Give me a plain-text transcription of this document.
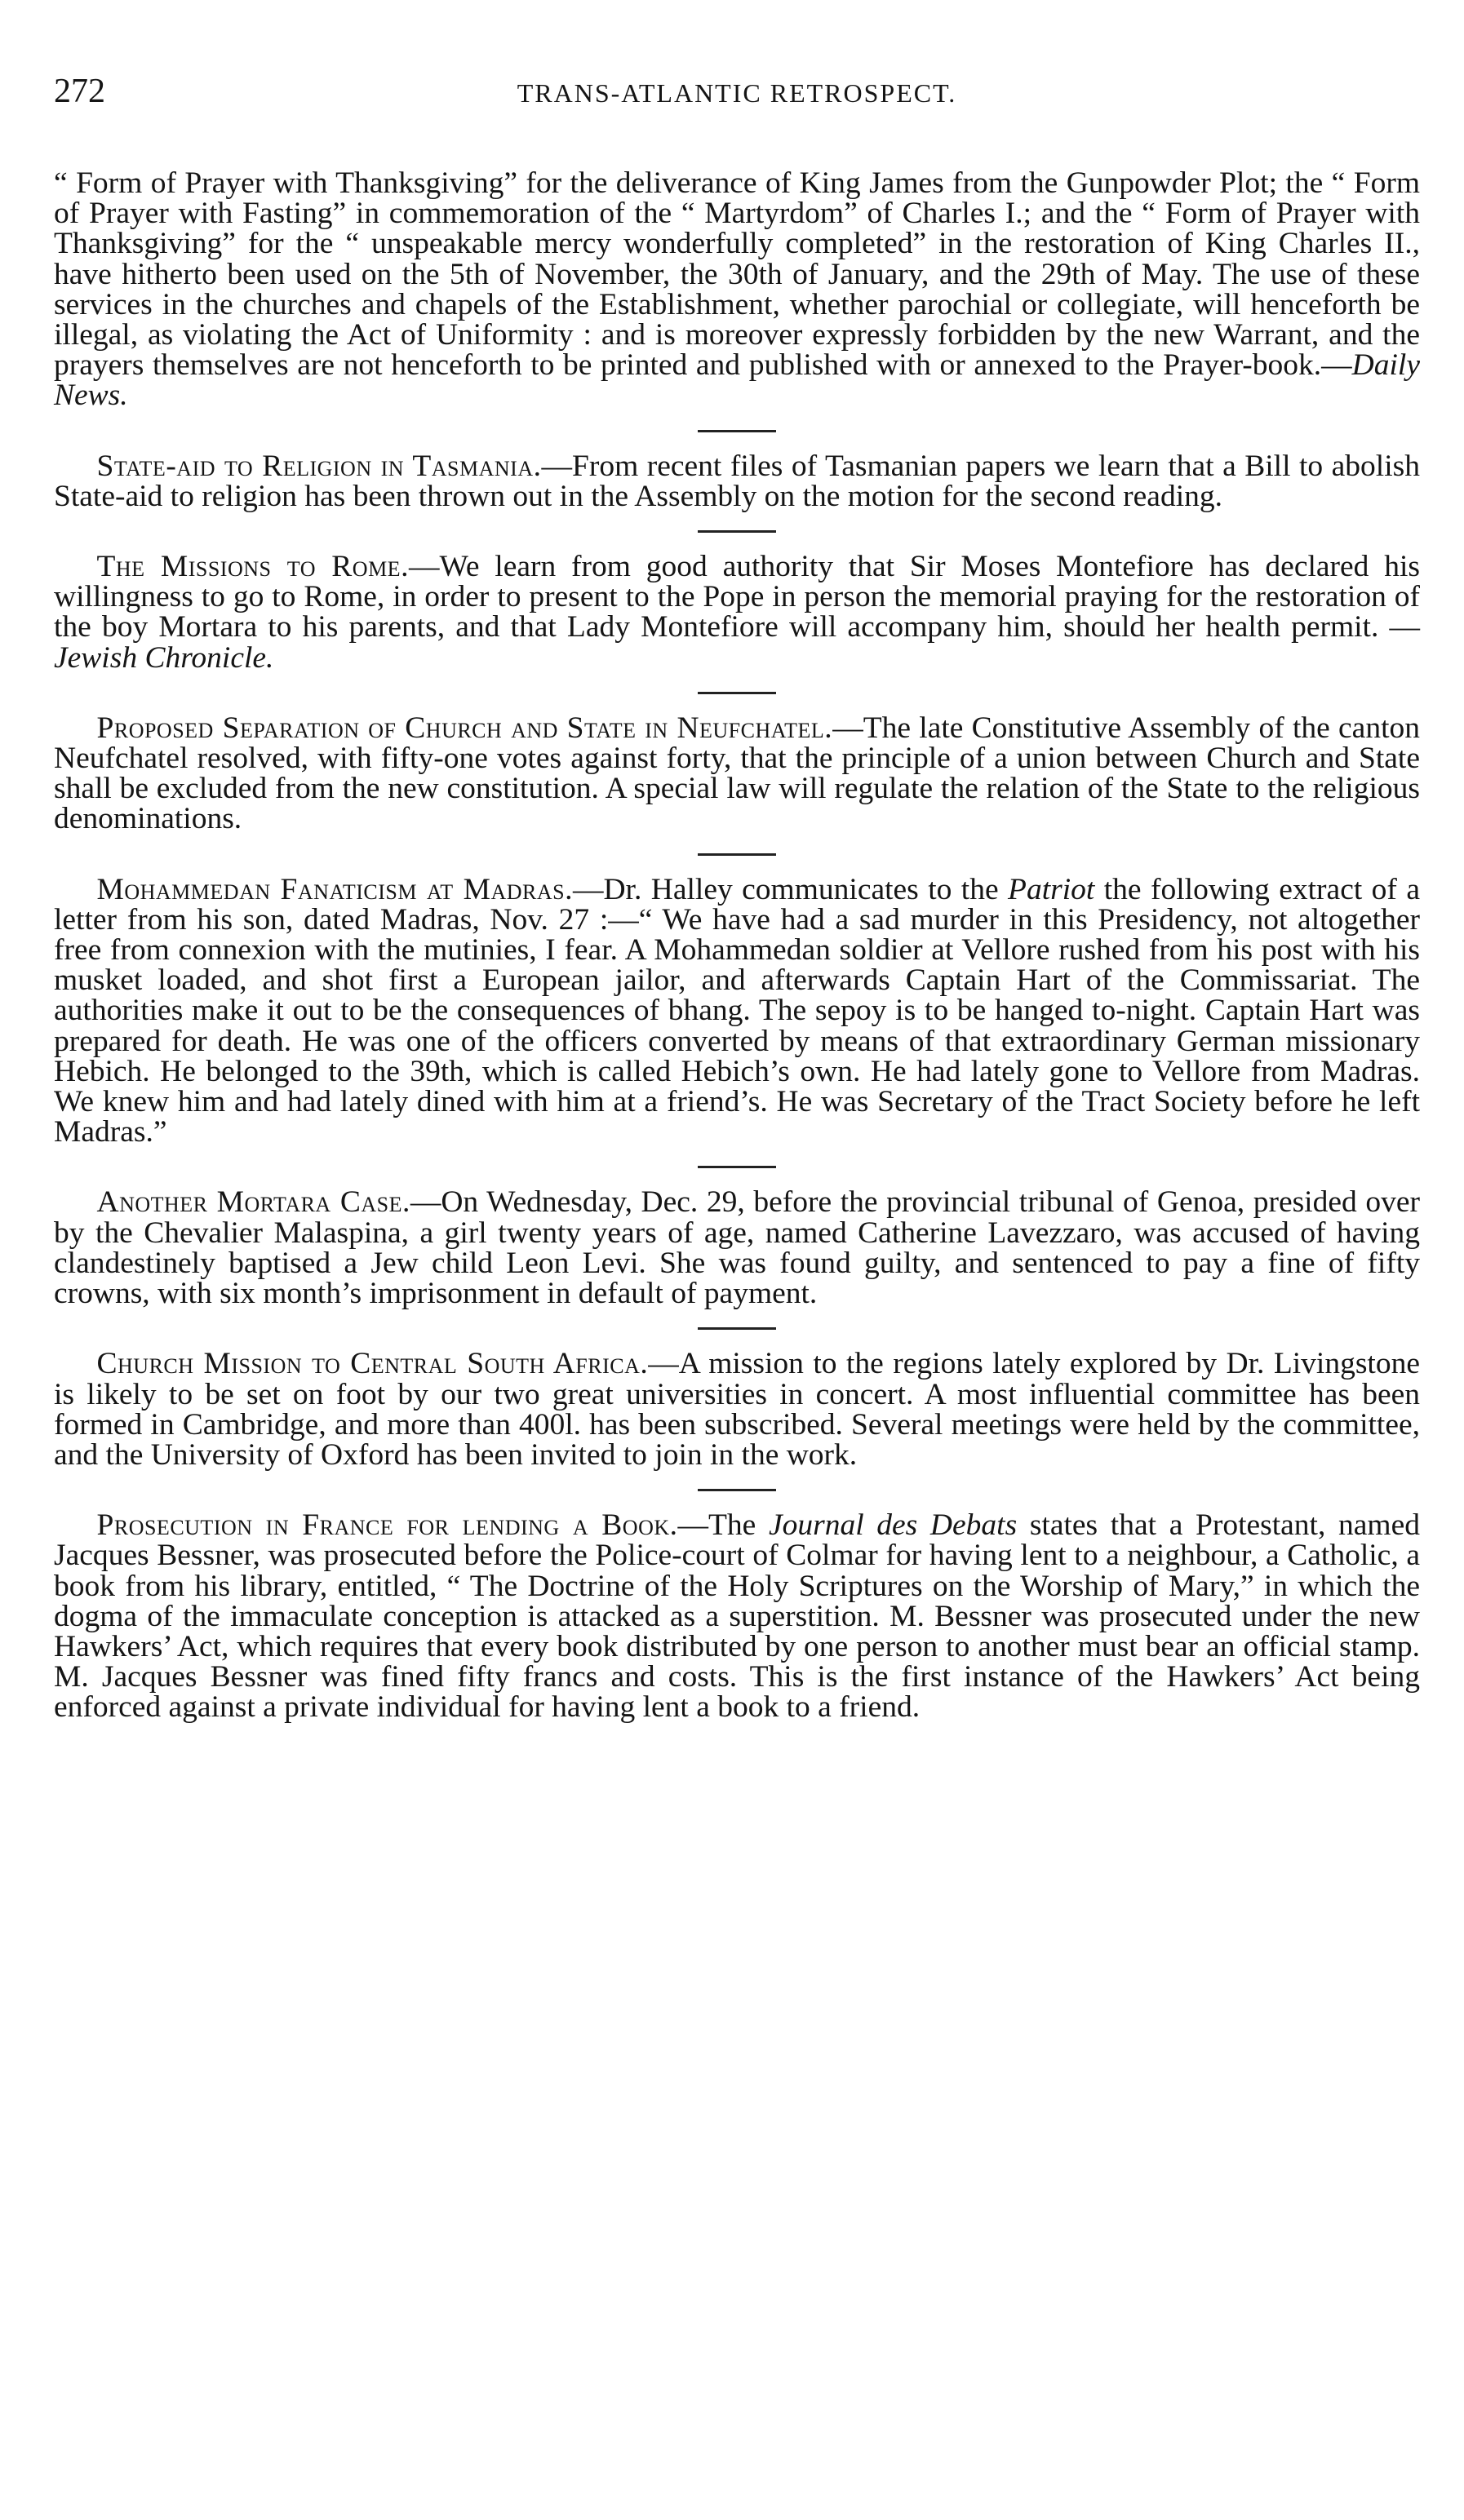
272	TRANS-ATLANTIC RETROSPECT.

“ Form of Prayer with Thanksgiving” for the deliverance of King James from the Gunpowder Plot; the “ Form of Prayer with Fasting” in commemoration of the “ Martyrdom” of Charles I.; and the “ Form of Prayer with Thanksgiving” for the “ unspeakable mercy wonderfully completed” in the restoration of King Charles II., have hitherto been used on the 5th of November, the 30th of January, and the 29th of May. The use of these services in the churches and chapels of the Establishment, whether parochial or collegiate, will henceforth be illegal, as violating the Act of Uniformity : and is moreover expressly forbidden by the new Warrant, and the prayers themselves are not henceforth to be printed and published with or annexed to the Prayer-book.—Daily News.

State-aid to Religion in Tasmania.—From recent files of Tasmanian papers we learn that a Bill to abolish State-aid to religion has been thrown out in the Assembly on the motion for the second reading.

The Missions to Rome.—We learn from good authority that Sir Moses Montefiore has declared his willingness to go to Rome, in order to present to the Pope in person the memorial praying for the restoration of the boy Mortara to his parents, and that Lady Montefiore will accompany him, should her health permit. —Jewish Chronicle.

Proposed Separation of Church and State in Neufchatel.—The late Constitutive Assembly of the canton Neufchatel resolved, with fifty-one votes against forty, that the principle of a union between Church and State shall be excluded from the new constitution. A special law will regulate the relation of the State to the religious denominations.

Mohammedan Fanaticism at Madras.—Dr. Halley communicates to the Patriot the following extract of a letter from his son, dated Madras, Nov. 27 :—“ We have had a sad murder in this Presidency, not altogether free from connexion with the mutinies, I fear. A Mohammedan soldier at Vellore rushed from his post with his musket loaded, and shot first a European jailor, and afterwards Captain Hart of the Commissariat. The authorities make it out to be the consequences of bhang. The sepoy is to be hanged to-night. Captain Hart was prepared for death. He was one of the officers converted by means of that extraordinary German missionary Hebich. He belonged to the 39th, which is called Hebich’s own. He had lately gone to Vellore from Madras. We knew him and had lately dined with him at a friend’s. He was Secretary of the Tract Society before he left Madras.”

Another Mortara Case.—On Wednesday, Dec. 29, before the provincial tribunal of Genoa, presided over by the Chevalier Malaspina, a girl twenty years of age, named Catherine Lavezzaro, was accused of having clandestinely baptised a Jew child Leon Levi. She was found guilty, and sentenced to pay a fine of fifty crowns, with six month’s imprisonment in default of payment.

Church Mission to Central South Africa.—A mission to the regions lately explored by Dr. Livingstone is likely to be set on foot by our two great universities in concert. A most influential committee has been formed in Cambridge, and more than 400l. has been subscribed. Several meetings were held by the committee, and the University of Oxford has been invited to join in the work.

Prosecution in France for lending a Book.—The Journal des Debats states that a Protestant, named Jacques Bessner, was prosecuted before the Police-court of Colmar for having lent to a neighbour, a Catholic, a book from his library, entitled, “ The Doctrine of the Holy Scriptures on the Worship of Mary,” in which the dogma of the immaculate conception is attacked as a superstition. M. Bessner was prosecuted under the new Hawkers’ Act, which requires that every book distributed by one person to another must bear an official stamp. M. Jacques Bessner was fined fifty francs and costs. This is the first instance of the Hawkers’ Act being enforced against a private individual for having lent a book to a friend.
